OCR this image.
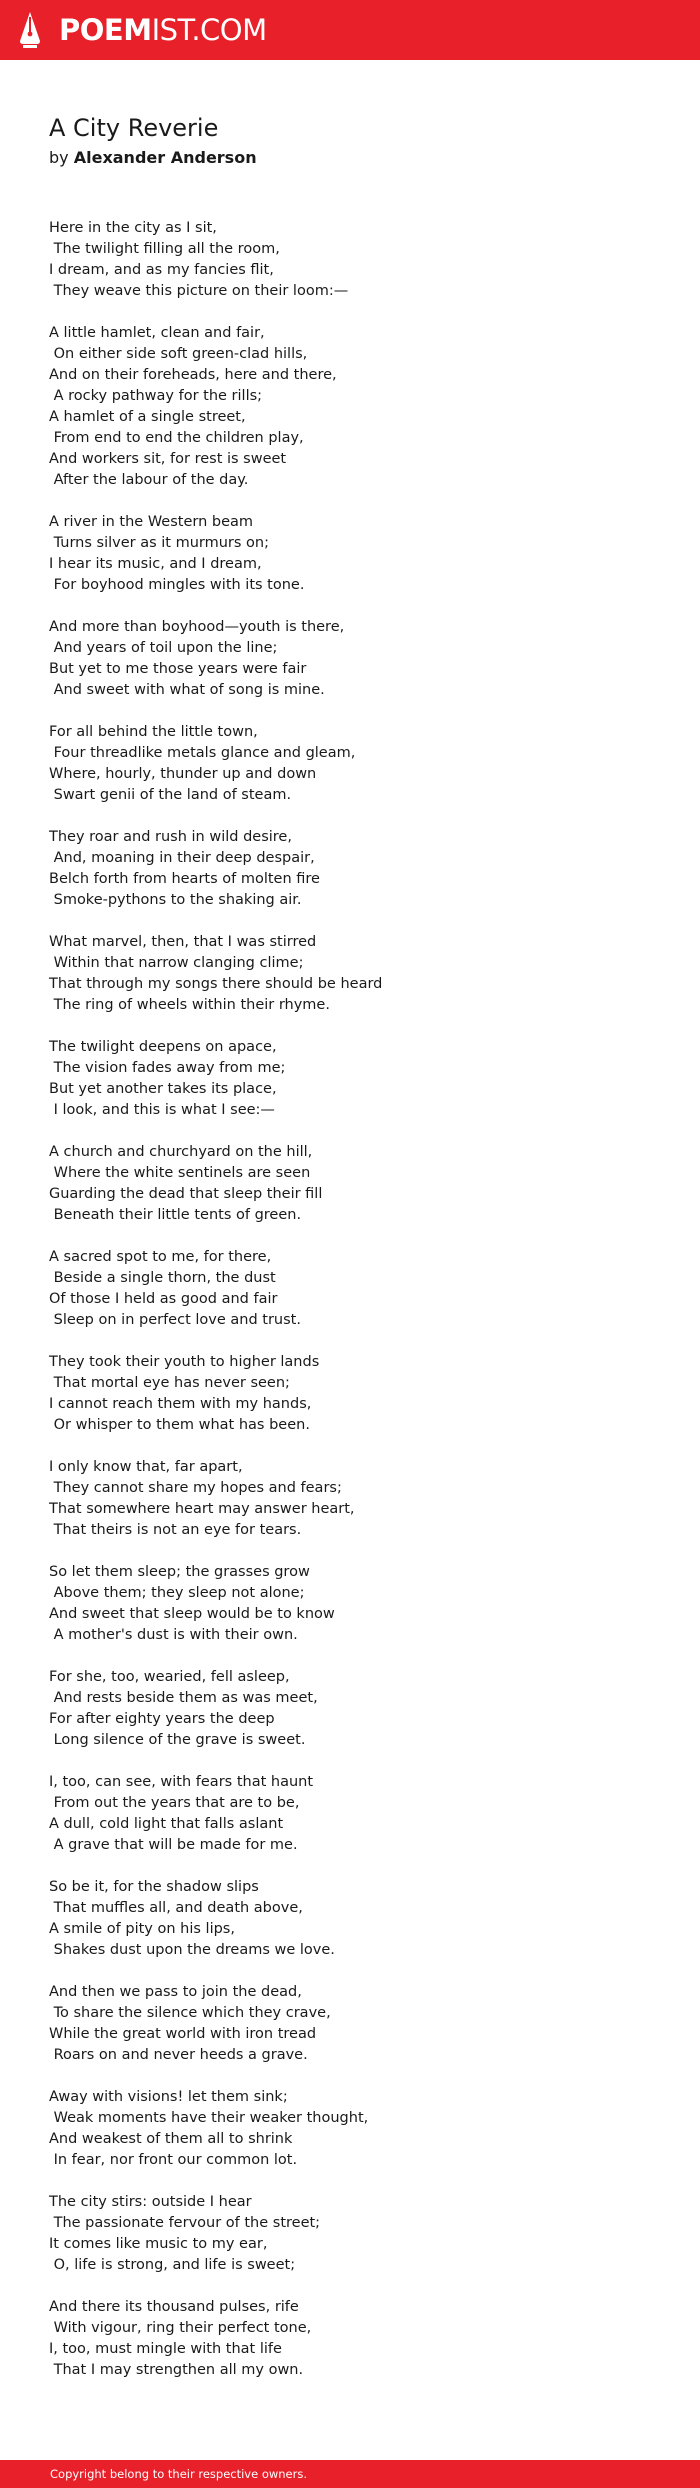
POEMIST.COM
A City Reverie
by Alexander Anderson
Here in the city as I sit,
The twilight filling all the room,
I dream, and as my fancies flit,
They weave this picture on their loom:—
A little hamlet, clean and fair,
On either side soft green-clad hills,
And on their foreheads, here and there,
A rocky pathway for the rills;
A hamlet of a single street,
From end to end the children play,
And workers sit, for rest is sweet
After the labour of the day.
A river in the Western beam
Turns silver as it murmurs on;
I hear its music, and I dream,
For boyhood mingles with its tone.
And more than boyhood—youth is there,
And years of toil upon the line;
But yet to me those years were fair
And sweet with what of song is mine.
For all behind the little town,
Four threadlike metals glance and gleam,
Where, hourly, thunder up and down
Swart genii of the land of steam.
They roar and rush in wild desire,
And, moaning in their deep despair,
Belch forth from hearts of molten fire
Smoke-pythons to the shaking air.
What marvel, then, that I was stirred
Within that narrow clanging clime;
That through my songs there should be heard
The ring of wheels within their rhyme.
The twilight deepens on apace,
The vision fades away from me;
But yet another takes its place,
I look, and this is what I see:—
A church and churchyard on the hill,
Where the white sentinels are seen
Guarding the dead that sleep their fill
Beneath their little tents of green.
A sacred spot to me, for there,
Beside a single thorn, the dust
Of those I held as good and fair
Sleep on in perfect love and trust.
They took their youth to higher lands
That mortal eye has never seen;
I cannot reach them with my hands,
Or whisper to them what has been.
I only know that, far apart,
They cannot share my hopes and fears;
That somewhere heart may answer heart,
That theirs is not an eye for tears.
So let them sleep; the grasses grow
Above them; they sleep not alone;
And sweet that sleep would be to know
A mother's dust is with their own.
For she, too, wearied, fell asleep,
And rests beside them as was meet,
For after eighty years the deep
Long silence of the grave is sweet.
I, too, can see, with fears that haunt
From out the years that are to be,
A dull, cold light that falls aslant
A grave that will be made for me.
So be it, for the shadow slips
That muffles all, and death above,
A smile of pity on his lips,
Shakes dust upon the dreams we love.
And then we pass to join the dead,
To share the silence which they crave,
While the great world with iron tread
Roars on and never heeds a grave.
Away with visions! let them sink;
Weak moments have their weaker thought,
And weakest of them all to shrink
In fear, nor front our common lot.
The city stirs: outside I hear
The passionate fervour of the street;
It comes like music to my ear,
O, life is strong, and life is sweet;
And there its thousand pulses, rife
With vigour, ring their perfect tone,
I, too, must mingle with that life
That I may strengthen all my own.
Copyright belong to their respective owners.
